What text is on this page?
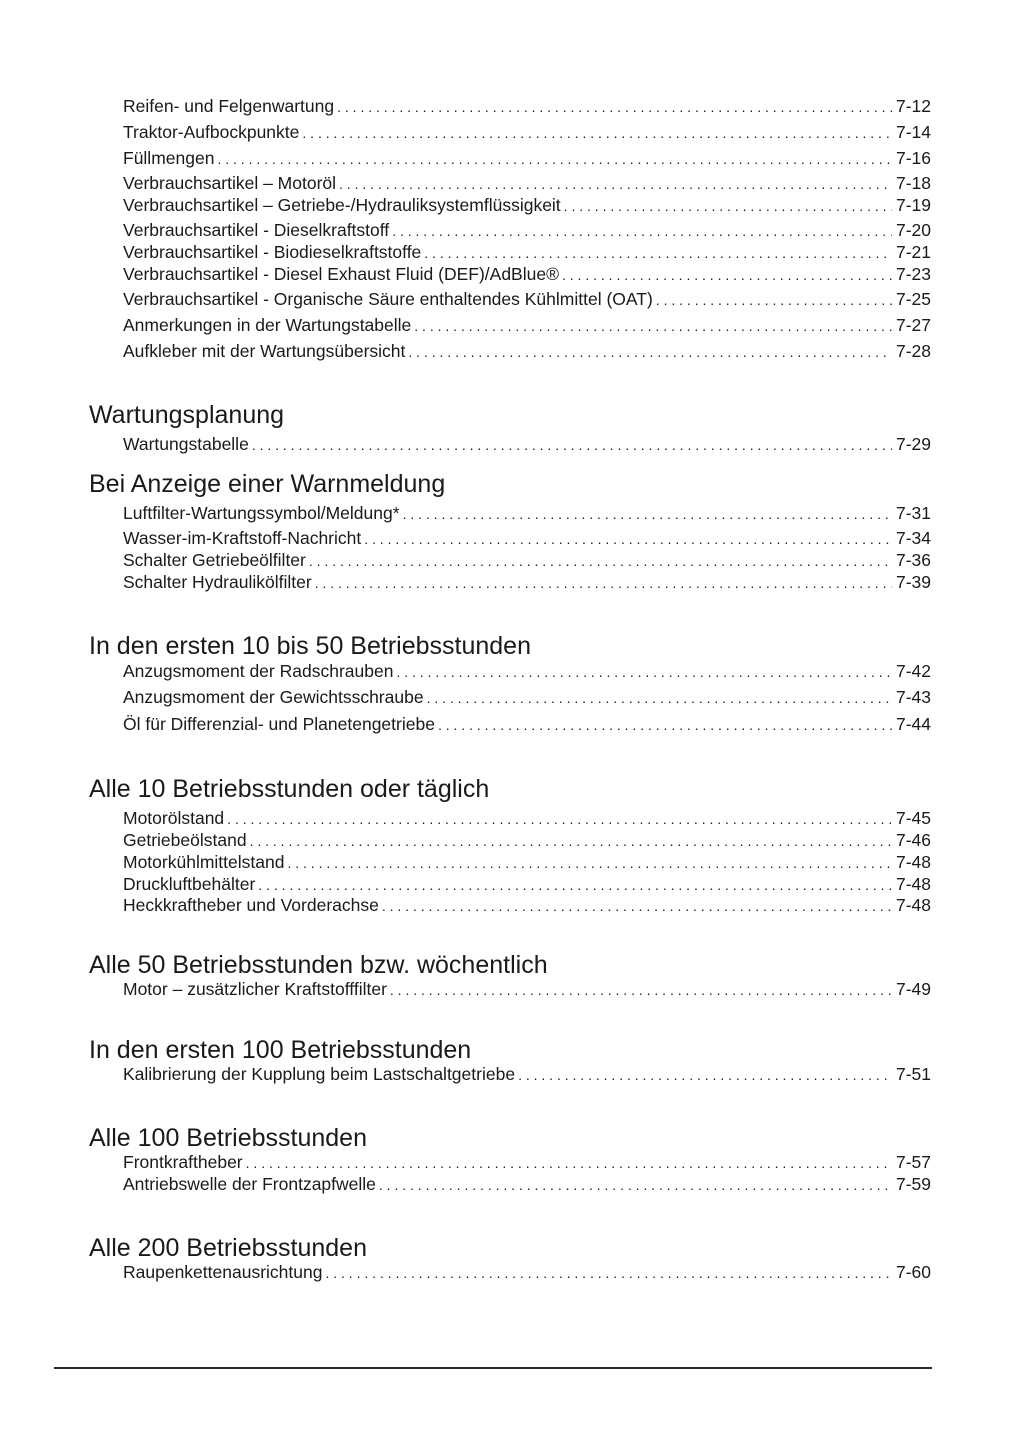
Reifen- und Felgenwartung . . .	7-12
Traktor-Aufbockpunkte . . .	7-14
Füllmengen . . .	7-16
Verbrauchsartikel – Motoröl . . .	7-18
Verbrauchsartikel – Getriebe-/Hydrauliksystemflüssigkeit . . .	7-19
Verbrauchsartikel - Dieselkraftstoff . . .	7-20
Verbrauchsartikel - Biodieselkraftstoffe . . .	7-21
Verbrauchsartikel - Diesel Exhaust Fluid (DEF)/AdBlue® . . .	7-23
Verbrauchsartikel - Organische Säure enthaltendes Kühlmittel (OAT) . . .	7-25
Anmerkungen in der Wartungstabelle . . .	7-27
Aufkleber mit der Wartungsübersicht . . .	7-28
Wartungsplanung
Wartungstabelle . . .	7-29
Bei Anzeige einer Warnmeldung
Luftfilter-Wartungssymbol/Meldung* . . .	7-31
Wasser-im-Kraftstoff-Nachricht . . .	7-34
Schalter Getriebeölfilter . . .	7-36
Schalter Hydraulikölfilter . . .	7-39
In den ersten 10 bis 50 Betriebsstunden
Anzugsmoment der Radschrauben . . .	7-42
Anzugsmoment der Gewichtsschraube . . .	7-43
Öl für Differenzial- und Planetengetriebe . . .	7-44
Alle 10 Betriebsstunden oder täglich
Motorölstand . . .	7-45
Getriebeölstand . . .	7-46
Motorkühlmittelstand . . .	7-48
Druckluftbehälter . . .	7-48
Heckkraftheber und Vorderachse . . .	7-48
Alle 50 Betriebsstunden bzw. wöchentlich
Motor – zusätzlicher Kraftstofffilter . . .	7-49
In den ersten 100 Betriebsstunden
Kalibrierung der Kupplung beim Lastschaltgetriebe . . .	7-51
Alle 100 Betriebsstunden
Frontkraftheber . . .	7-57
Antriebswelle der Frontzapfwelle . . .	7-59
Alle 200 Betriebsstunden
Raupenkettenausrichtung . . .	7-60
